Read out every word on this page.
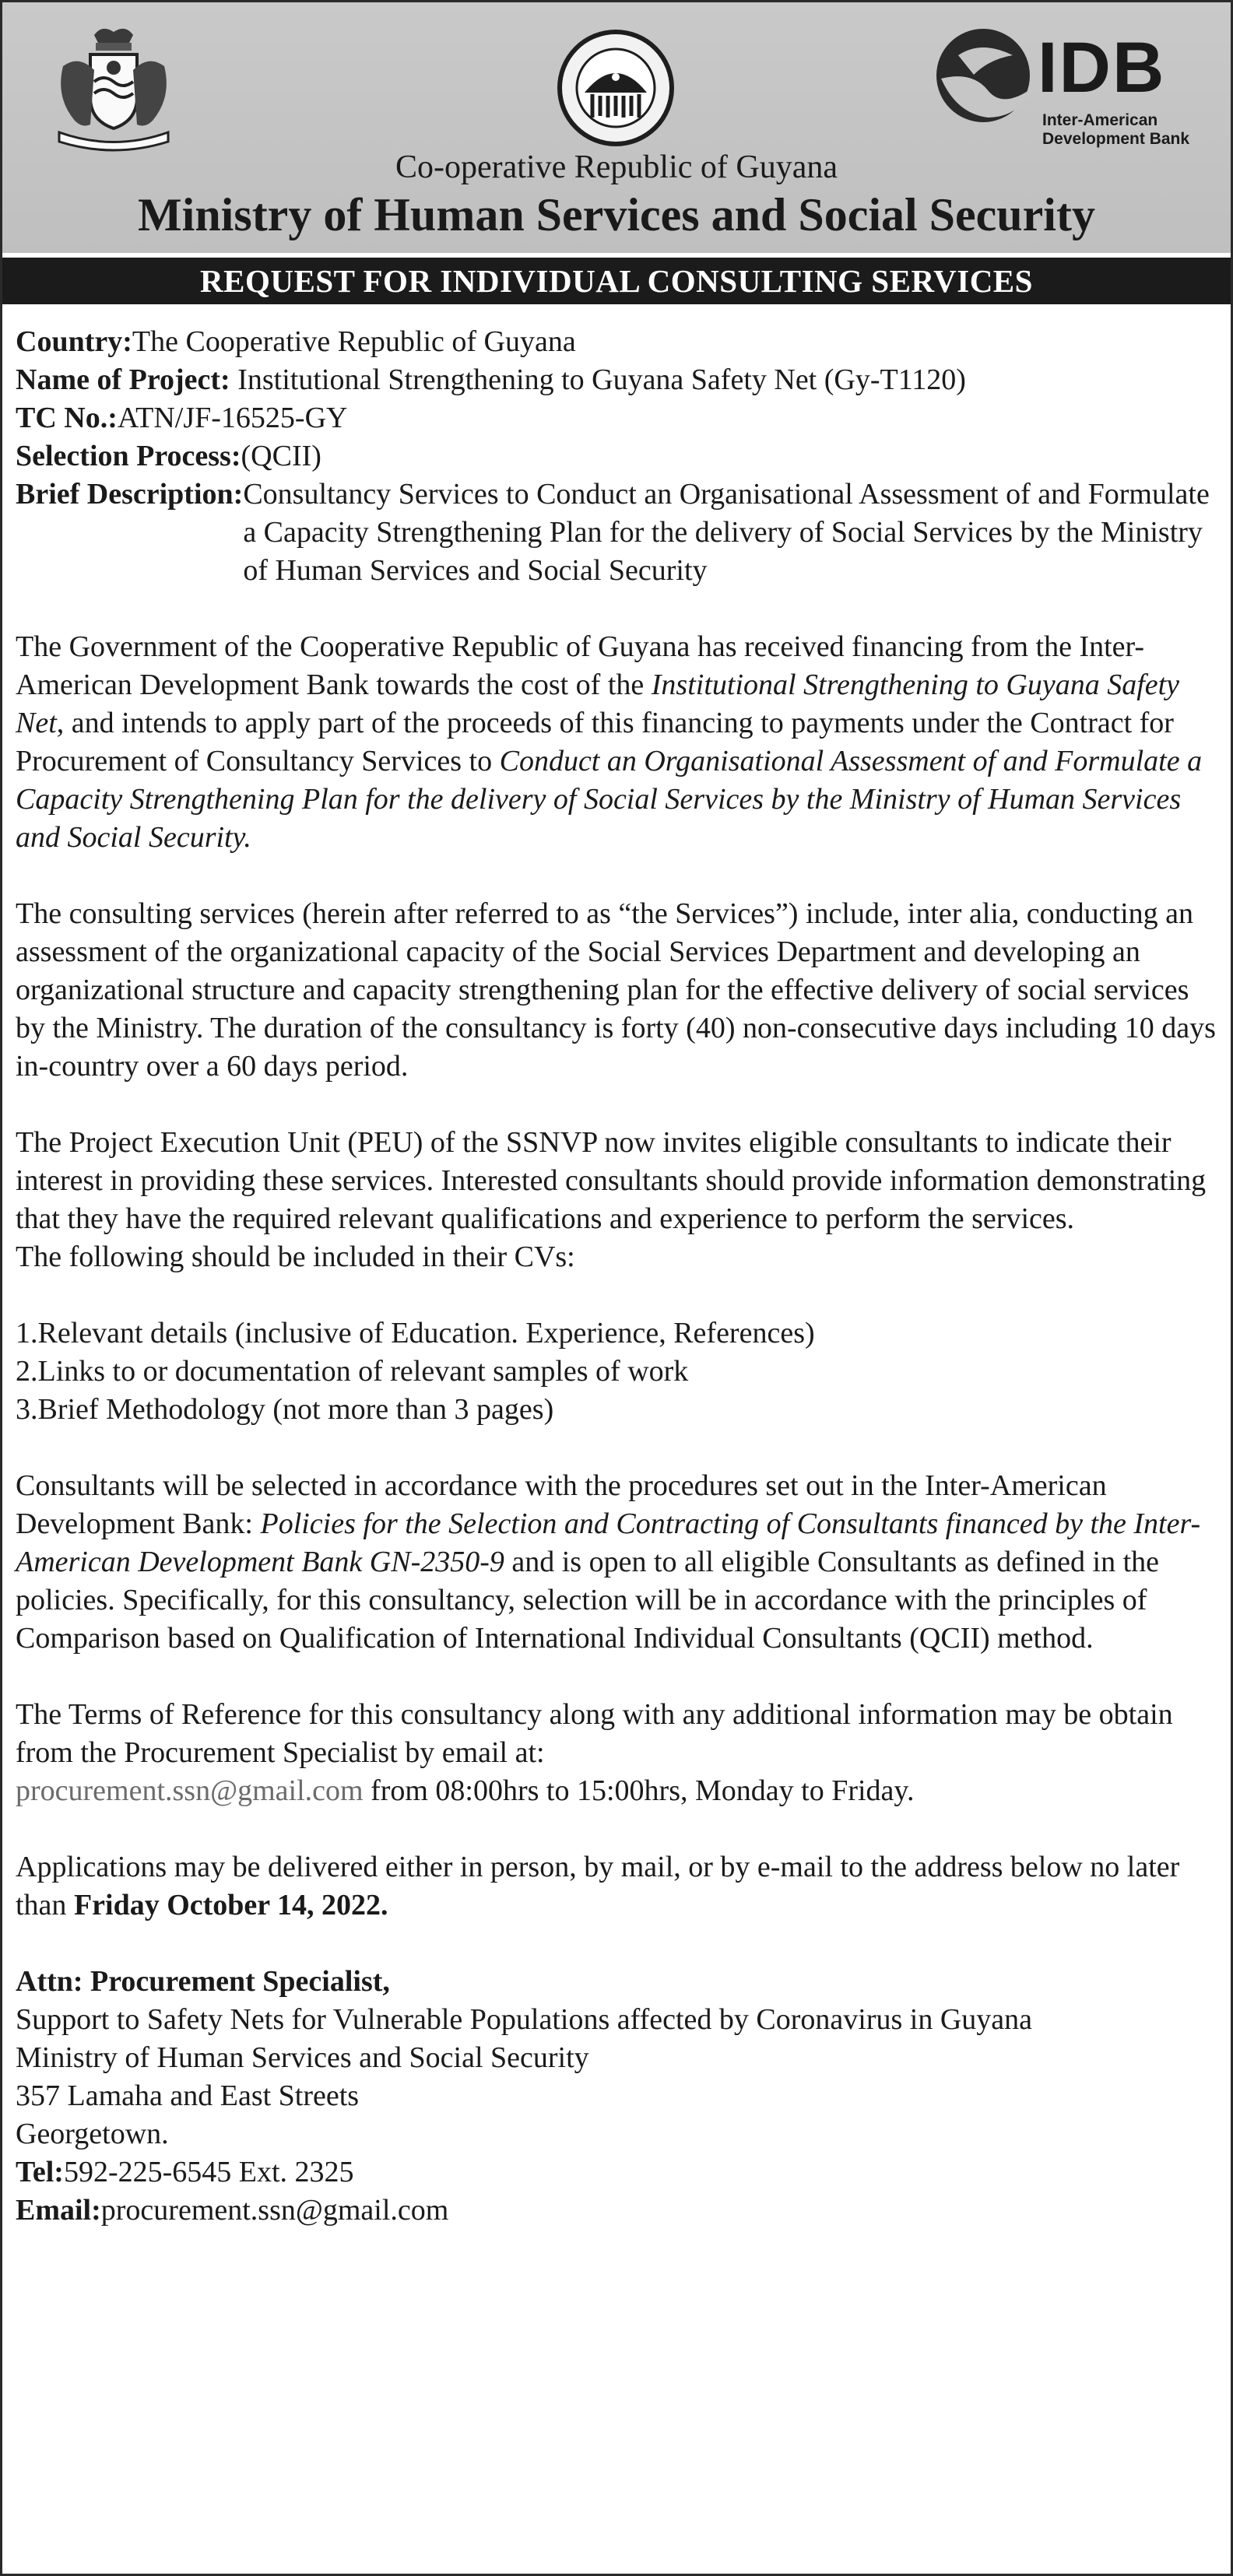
IDB
Inter-American
Development Bank
Co-operative Republic of Guyana
Ministry of Human Services and Social Security
REQUEST FOR INDIVIDUAL CONSULTING SERVICES

Country:The Cooperative Republic of Guyana

Name of Project: Institutional Strengthening to Guyana Safety Net (Gy-T1120)

TC No.:ATN/JF-16525-GY

Selection Process:(QCII)

Brief Description: Consultancy Services to Conduct an Organisational Assessment of and Formulate a Capacity Strengthening Plan for the delivery of Social Services by the Ministry of Human Services and Social Security

The Government of the Cooperative Republic of Guyana has received financing from the Inter-American Development Bank towards the cost of the Institutional Strengthening to Guyana Safety Net, and intends to apply part of the proceeds of this financing to payments under the Contract for Procurement of Consultancy Services to Conduct an Organisational Assessment of and Formulate a Capacity Strengthening Plan for the delivery of Social Services by the Ministry of Human Services and Social Security.

The consulting services (herein after referred to as “the Services”) include, inter alia, conducting an assessment of the organizational capacity of the Social Services Department and developing an organizational structure and capacity strengthening plan for the effective delivery of social services by the Ministry. The duration of the consultancy is forty (40) non-consecutive days including 10 days in-country over a 60 days period.

The Project Execution Unit (PEU) of the SSNVP now invites eligible consultants to indicate their interest in providing these services. Interested consultants should provide information demonstrating that they have the required relevant qualifications and experience to perform the services.

The following should be included in their CVs:

1.Relevant details (inclusive of Education. Experience, References)

2.Links to or documentation of relevant samples of work

3.Brief Methodology (not more than 3 pages)

Consultants will be selected in accordance with the procedures set out in the Inter-American Development Bank: Policies for the Selection and Contracting of Consultants financed by the Inter-American Development Bank GN-2350-9 and is open to all eligible Consultants as defined in the policies. Specifically, for this consultancy, selection will be in accordance with the principles of Comparison based on Qualification of International Individual Consultants (QCII) method.

The Terms of Reference for this consultancy along with any additional information may be obtain from the Procurement Specialist by email at:
procurement.ssn@gmail.com from 08:00hrs to 15:00hrs, Monday to Friday.

Applications may be delivered either in person, by mail, or by e-mail to the address below no later than Friday October 14, 2022.

Attn: Procurement Specialist,

Support to Safety Nets for Vulnerable Populations affected by Coronavirus in Guyana

Ministry of Human Services and Social Security

357 Lamaha and East Streets

Georgetown.

Tel:592-225-6545 Ext. 2325

Email:procurement.ssn@gmail.com
